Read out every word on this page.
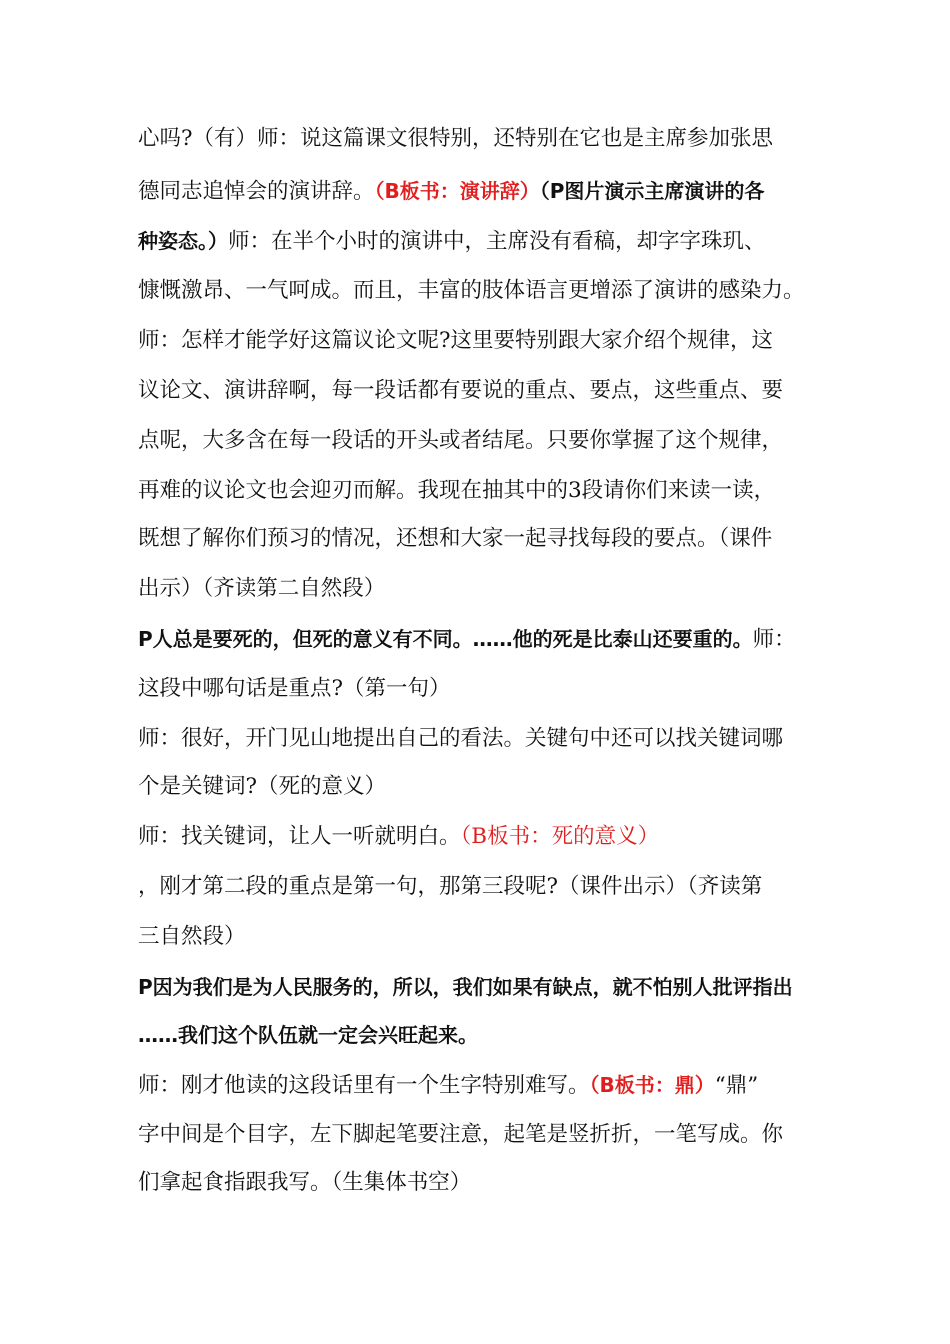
心吗?（有）师：说这篇课文很特别，还特别在它也是主席参加张思

德同志追悼会的演讲辞。（B板书：演讲辞）（P图片演示主席演讲的各

种姿态。）师：在半个小时的演讲中，主席没有看稿，却字字珠玑、

慷慨激昂、一气呵成。而且，丰富的肢体语言更增添了演讲的感染力。

师：怎样才能学好这篇议论文呢?这里要特别跟大家介绍个规律，这

议论文、演讲辞啊，每一段话都有要说的重点、要点，这些重点、要

点呢，大多含在每一段话的开头或者结尾。只要你掌握了这个规律，

再难的议论文也会迎刃而解。我现在抽其中的3段请你们来读一读，

既想了解你们预习的情况，还想和大家一起寻找每段的要点。（课件

出示）（齐读第二自然段）

P人总是要死的，但死的意义有不同。……他的死是比泰山还要重的。师：

这段中哪句话是重点?（第一句）

师：很好，开门见山地提出自己的看法。关键句中还可以找关键词哪

个是关键词?（死的意义）

师：找关键词，让人一听就明白。（B板书：死的意义）

，刚才第二段的重点是第一句，那第三段呢?（课件出示）（齐读第

三自然段）

P因为我们是为人民服务的，所以，我们如果有缺点，就不怕别人批评指出

……我们这个队伍就一定会兴旺起来。

师：刚才他读的这段话里有一个生字特别难写。（B板书：鼎）“鼎”

字中间是个目字，左下脚起笔要注意，起笔是竖折折，一笔写成。你

们拿起食指跟我写。（生集体书空）
